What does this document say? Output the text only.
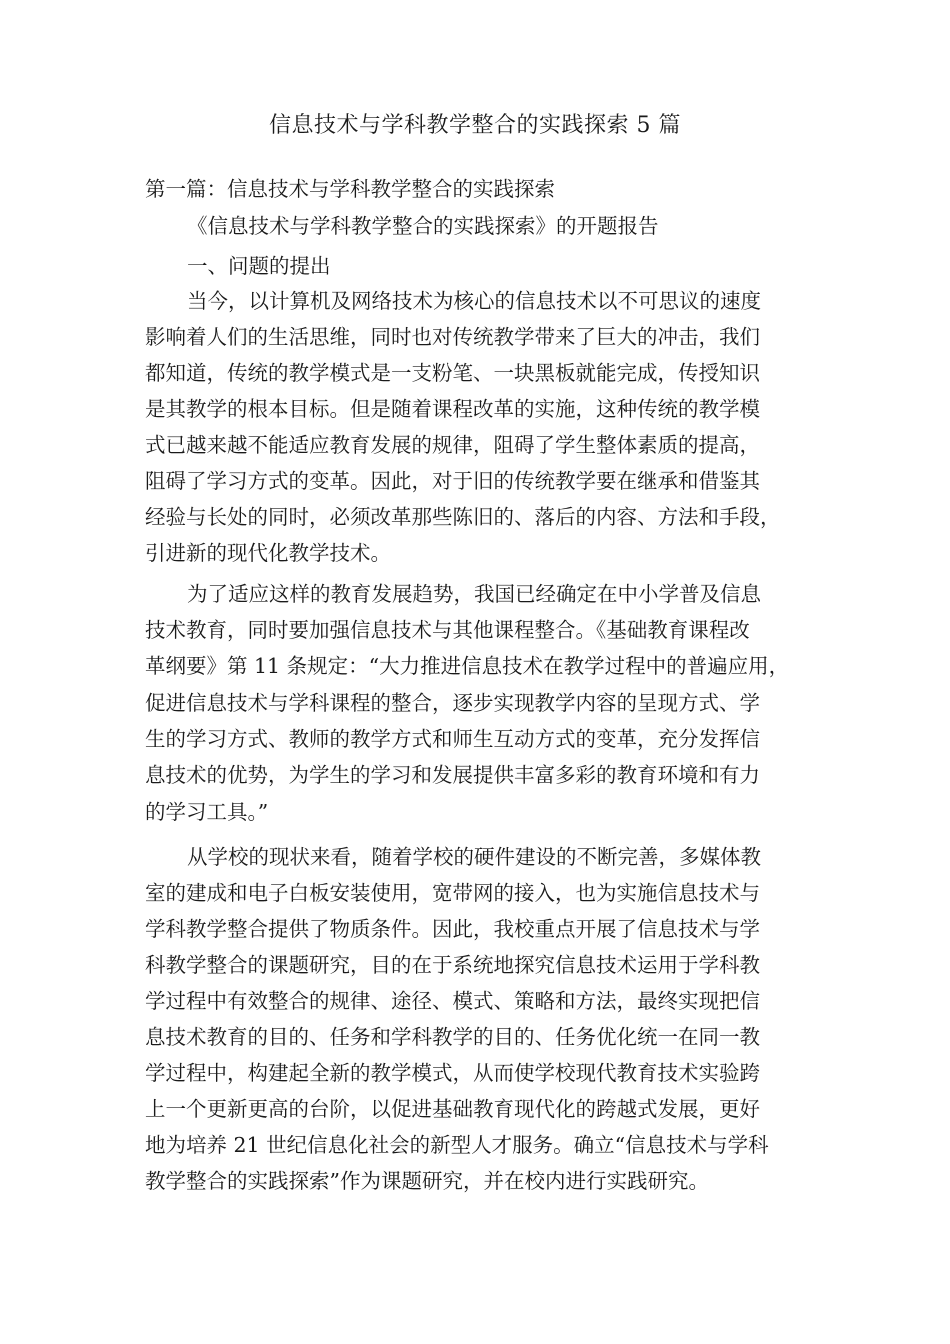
信息技术与学科教学整合的实践探索 5 篇
第一篇：信息技术与学科教学整合的实践探索
《信息技术与学科教学整合的实践探索》的开题报告
一、问题的提出
当今，以计算机及网络技术为核心的信息技术以不可思议的速度
影响着人们的生活思维，同时也对传统教学带来了巨大的冲击，我们
都知道，传统的教学模式是一支粉笔、一块黑板就能完成，传授知识
是其教学的根本目标。但是随着课程改革的实施，这种传统的教学模
式已越来越不能适应教育发展的规律，阻碍了学生整体素质的提高，
阻碍了学习方式的变革。因此，对于旧的传统教学要在继承和借鉴其
经验与长处的同时，必须改革那些陈旧的、落后的内容、方法和手段，
引进新的现代化教学技术。
为了适应这样的教育发展趋势，我国已经确定在中小学普及信息
技术教育，同时要加强信息技术与其他课程整合。《基础教育课程改
革纲要》第 11 条规定：“大力推进信息技术在教学过程中的普遍应用，
促进信息技术与学科课程的整合，逐步实现教学内容的呈现方式、学
生的学习方式、教师的教学方式和师生互动方式的变革，充分发挥信
息技术的优势，为学生的学习和发展提供丰富多彩的教育环境和有力
的学习工具。”
从学校的现状来看，随着学校的硬件建设的不断完善，多媒体教
室的建成和电子白板安装使用，宽带网的接入，也为实施信息技术与
学科教学整合提供了物质条件。因此，我校重点开展了信息技术与学
科教学整合的课题研究，目的在于系统地探究信息技术运用于学科教
学过程中有效整合的规律、途径、模式、策略和方法，最终实现把信
息技术教育的目的、任务和学科教学的目的、任务优化统一在同一教
学过程中，构建起全新的教学模式，从而使学校现代教育技术实验跨
上一个更新更高的台阶，以促进基础教育现代化的跨越式发展，更好
地为培养 21 世纪信息化社会的新型人才服务。确立“信息技术与学科
教学整合的实践探索”作为课题研究，并在校内进行实践研究。
